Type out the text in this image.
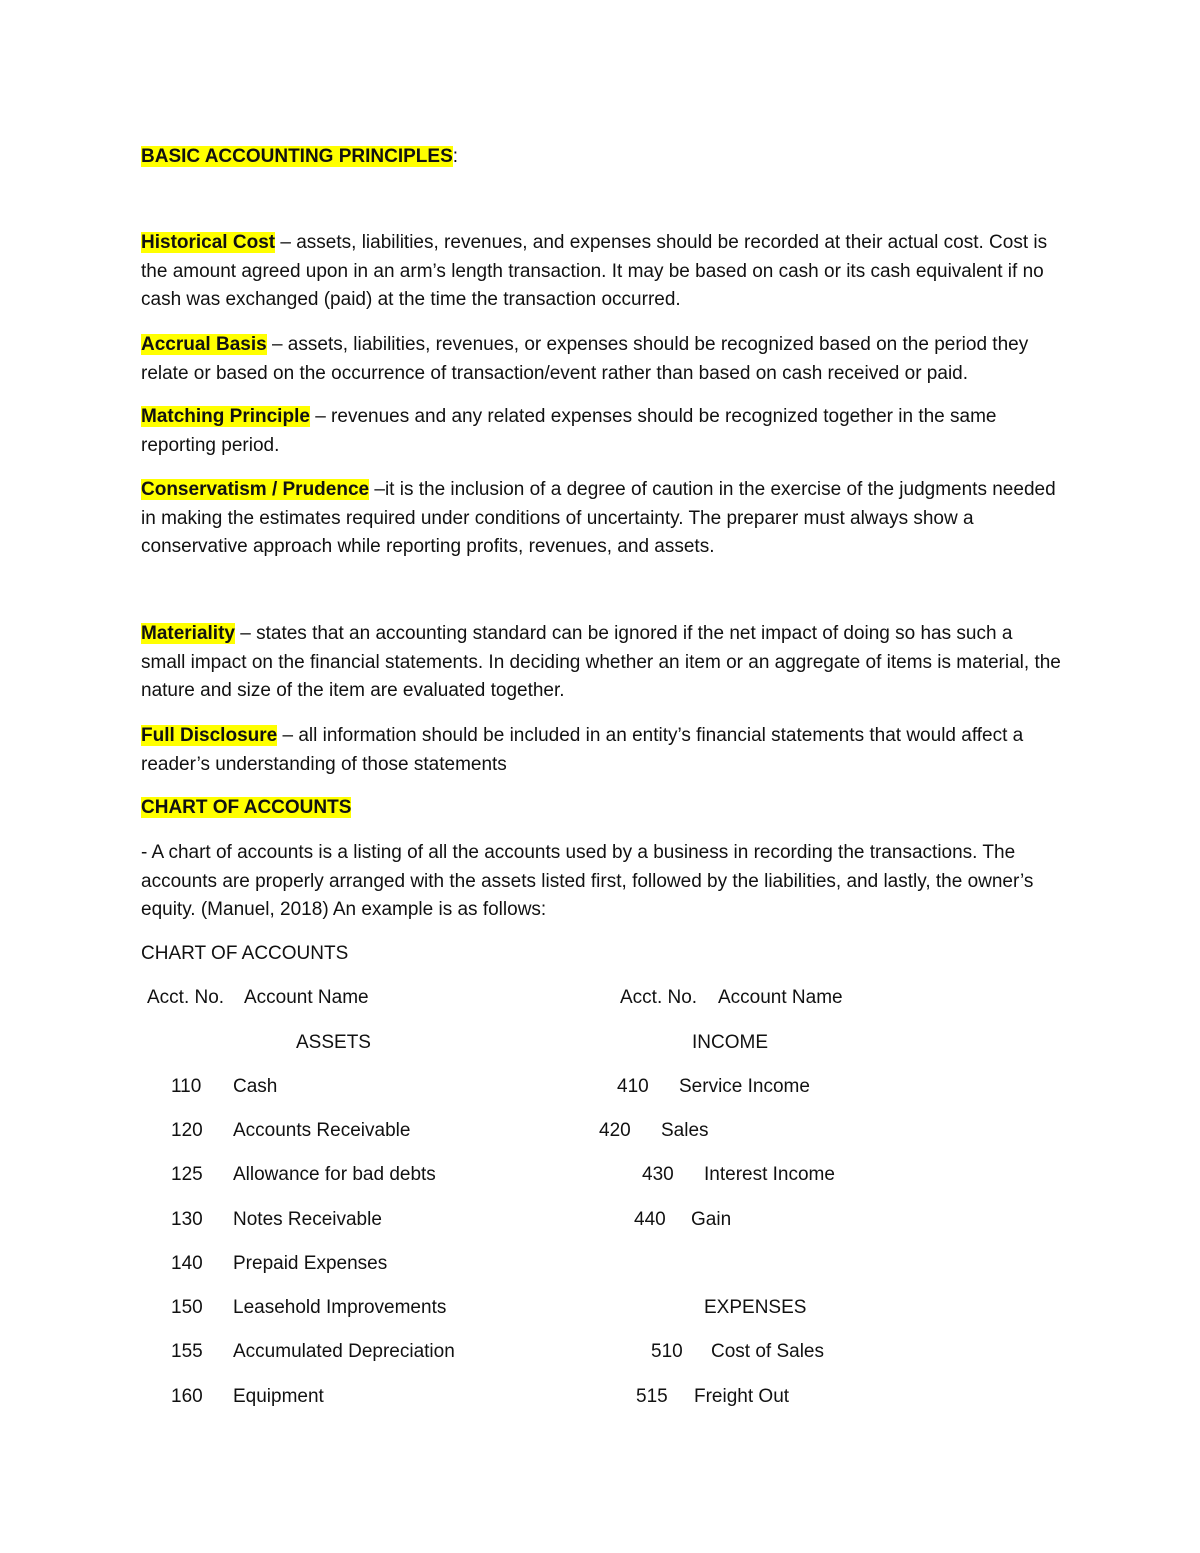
BASIC ACCOUNTING PRINCIPLES:

Historical Cost – assets, liabilities, revenues, and expenses should be recorded at their actual cost. Cost is the amount agreed upon in an arm’s length transaction. It may be based on cash or its cash equivalent if no cash was exchanged (paid) at the time the transaction occurred.

Accrual Basis – assets, liabilities, revenues, or expenses should be recognized based on the period they relate or based on the occurrence of transaction/event rather than based on cash received or paid.

Matching Principle – revenues and any related expenses should be recognized together in the same reporting period.

Conservatism / Prudence –it is the inclusion of a degree of caution in the exercise of the judgments needed in making the estimates required under conditions of uncertainty. The preparer must always show a conservative approach while reporting profits, revenues, and assets.

Materiality – states that an accounting standard can be ignored if the net impact of doing so has such a small impact on the financial statements. In deciding whether an item or an aggregate of items is material, the nature and size of the item are evaluated together.

Full Disclosure – all information should be included in an entity’s financial statements that would affect a reader’s understanding of those statements

CHART OF ACCOUNTS

- A chart of accounts is a listing of all the accounts used by a business in recording the transactions. The accounts are properly arranged with the assets listed first, followed by the liabilities, and lastly, the owner’s equity. (Manuel, 2018) An example is as follows:

CHART OF ACCOUNTS
Acct. No. Account Name	Acct. No. Account Name
ASSETS	INCOME
110 Cash
120 Accounts Receivable
125 Allowance for bad debts
130 Notes Receivable
140 Prepaid Expenses
150 Leasehold Improvements
155 Accumulated Depreciation
160 Equipment
410 Service Income
420 Sales
430 Interest Income
440 Gain
EXPENSES
510 Cost of Sales
515 Freight Out
